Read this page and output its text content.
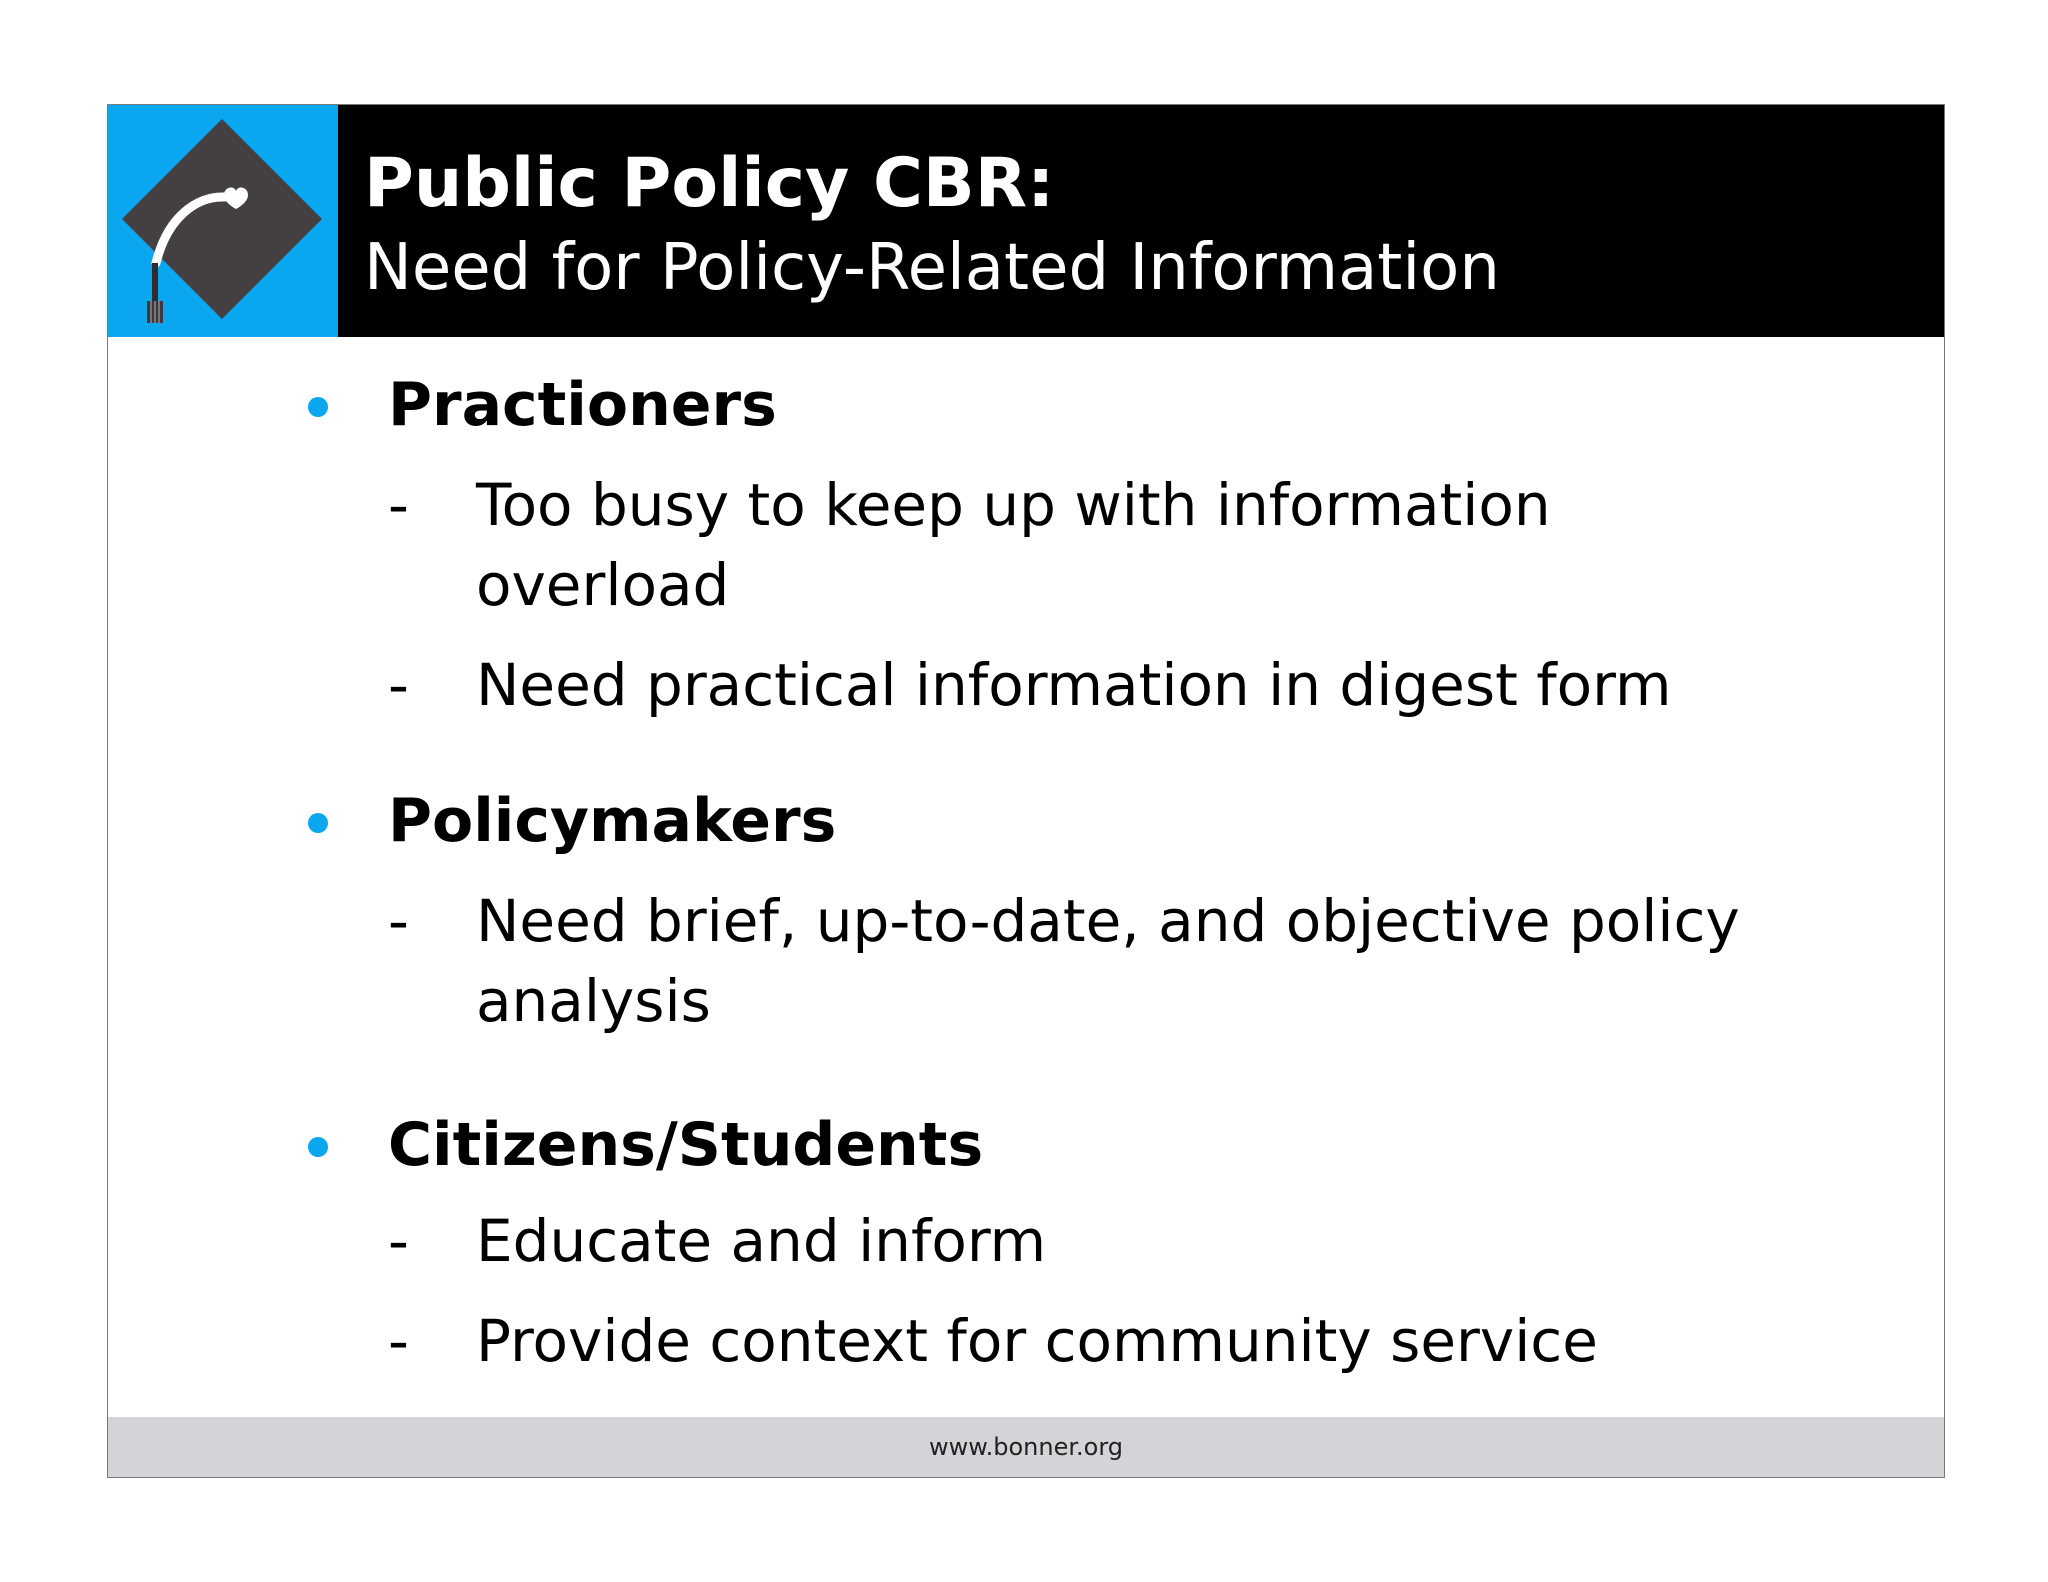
Public Policy CBR:
Need for Policy-Related Information
Practioners
- Too busy to keep up with information
overload
- Need practical information in digest form
Policymakers
- Need brief, up-to-date, and objective policy
analysis
Citizens/Students
- Educate and inform
- Provide context for community service
www.bonner.org
